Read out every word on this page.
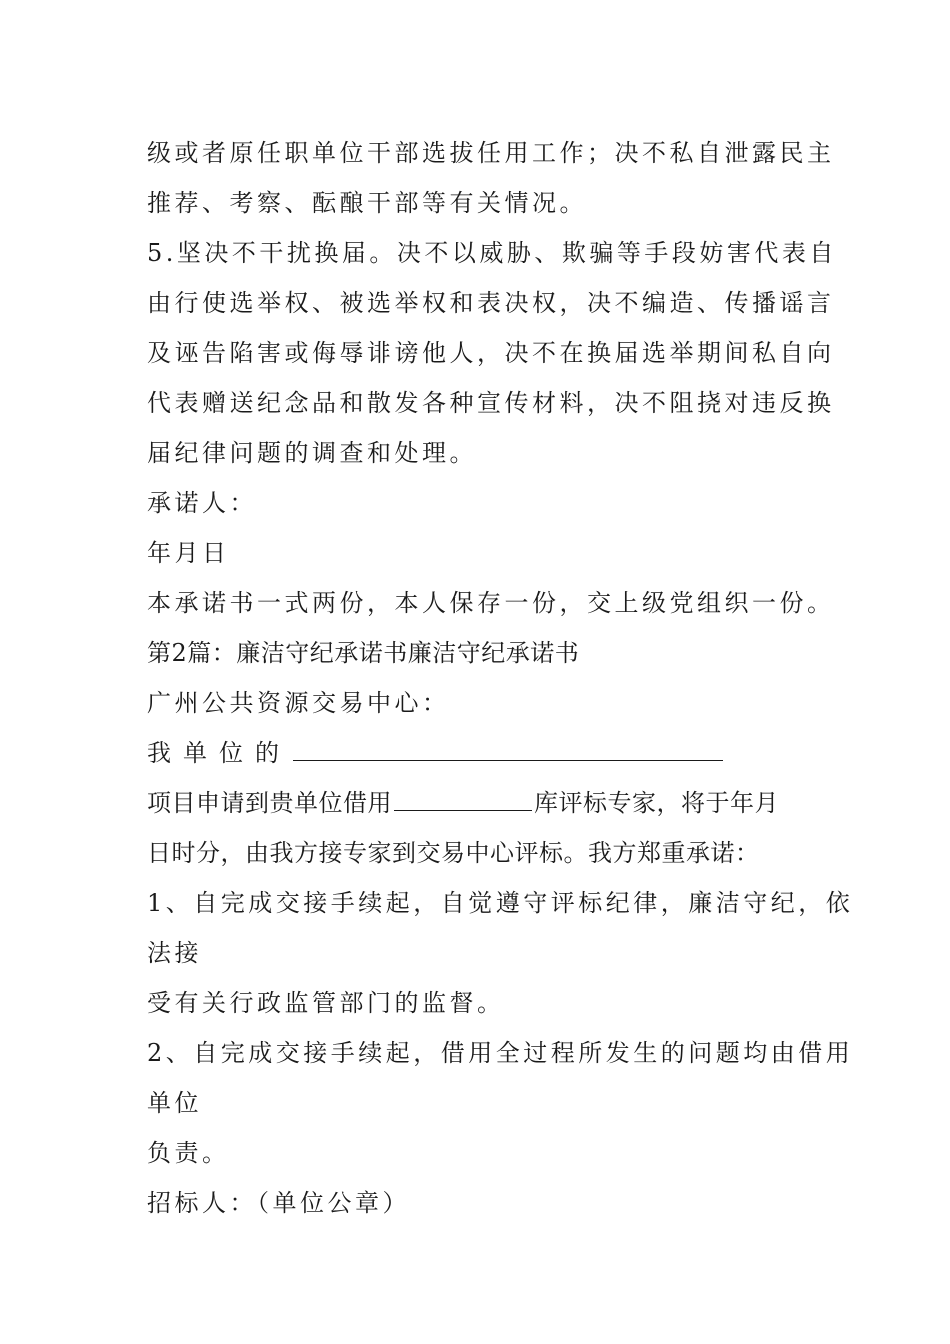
级或者原任职单位干部选拔任用工作；决不私自泄露民主

推荐、考察、酝酿干部等有关情况。

5.坚决不干扰换届。决不以威胁、欺骗等手段妨害代表自

由行使选举权、被选举权和表决权，决不编造、传播谣言

及诬告陷害或侮辱诽谤他人，决不在换届选举期间私自向

代表赠送纪念品和散发各种宣传材料，决不阻挠对违反换

届纪律问题的调查和处理。

承诺人：

年月日

本承诺书一式两份，本人保存一份，交上级党组织一份。

第2篇：廉洁守纪承诺书廉洁守纪承诺书

广州公共资源交易中心：

我单位的

项目申请到贵单位借用	库评标专家，将于年月

日时分，由我方接专家到交易中心评标。我方郑重承诺：

1、自完成交接手续起，自觉遵守评标纪律，廉洁守纪，依

法接

受有关行政监管部门的监督。

2、自完成交接手续起，借用全过程所发生的问题均由借用

单位

负责。

招标人：（单位公章）
